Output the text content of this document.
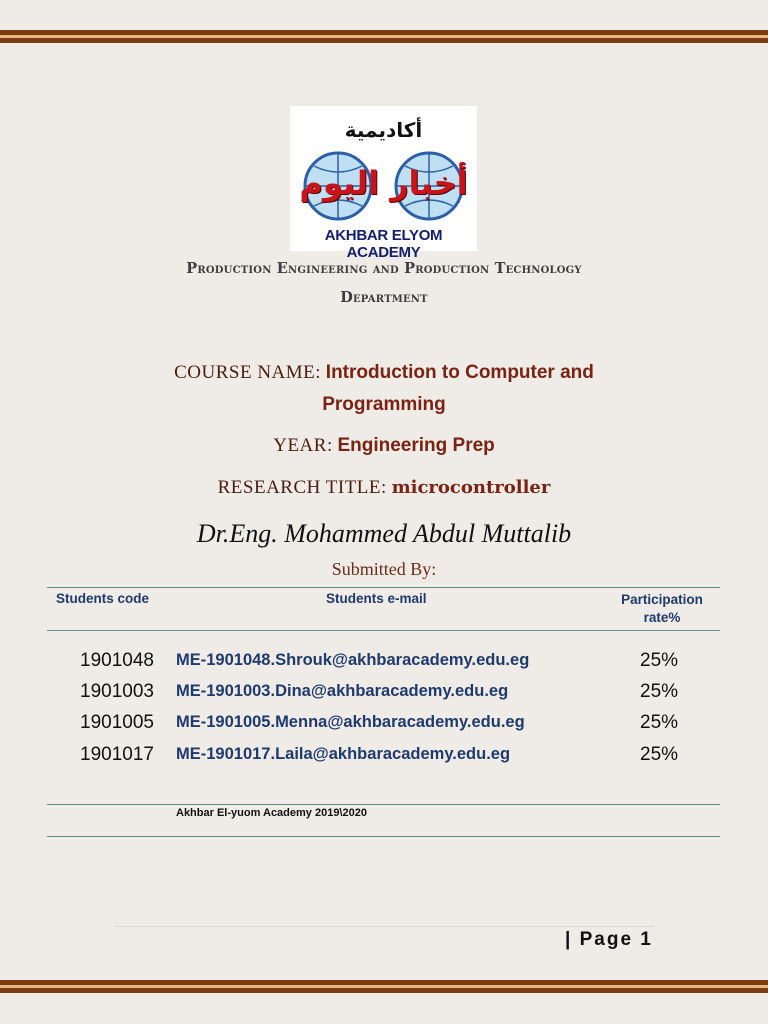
أكاديمية
أخبار اليوم
AKHBAR ELYOM ACADEMY
Production Engineering and Production Technology
Department
COURSE NAME: Introduction to Computer and
Programming
YEAR: Engineering Prep
RESEARCH TITLE: microcontroller
Dr.Eng. Mohammed Abdul Muttalib
Submitted By:
Students code	Students e-mail	Participation
rate%
1901048 ME-1901048.Shrouk@akhbaracademy.edu.eg	25%
1901003 ME-1901003.Dina@akhbaracademy.edu.eg	25%
1901005 ME-1901005.Menna@akhbaracademy.edu.eg	25%
1901017 ME-1901017.Laila@akhbaracademy.edu.eg	25%
Akhbar El-yuom Academy 2019\2020
| Page 1
